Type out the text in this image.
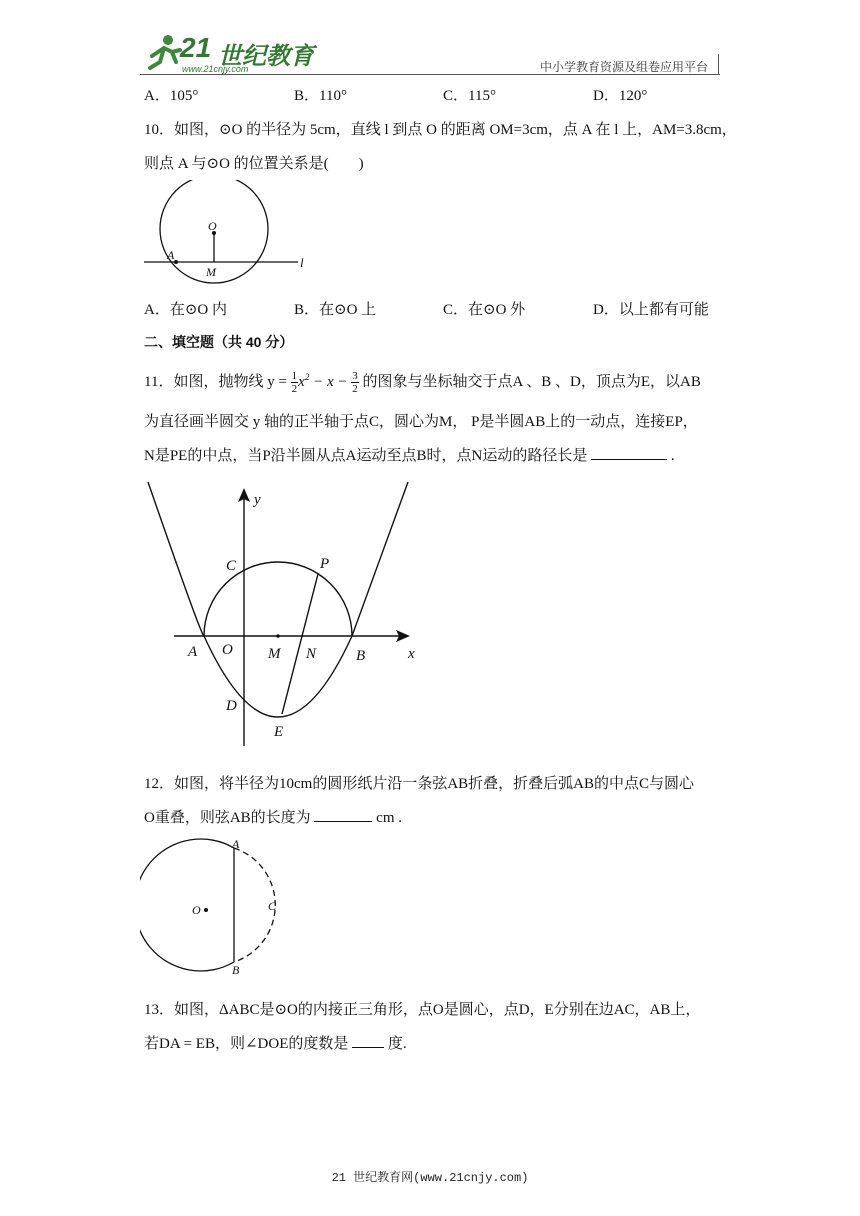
21 世纪教育
www.21cnjy.com	中小学教育资源及组卷应用平台
A．105°	B．110°	C．115°	D．120°
10．如图，⊙O 的半径为 5cm，直线 l 到点 O 的距离 OM=3cm，点 A 在 l 上，AM=3.8cm，
则点 A 与⊙O 的位置关系是(　　)
O
A
M
l
A．在⊙O 内	B．在⊙O 上	C．在⊙O 外	D．以上都有可能
二、填空题（共 40 分）
11．如图，抛物线 $y = \frac{1}{2} x^2 - x - \frac{3}{2}$ 的图象与坐标轴交于点A 、B 、D，顶点为E，以AB
为直径画半圆交 y 轴的正半轴于点C，圆心为M， P是半圆AB上的一动点，连接EP，
N是PE的中点，当P沿半圆从点A运动至点B时，点N运动的路径长是	.
y
x
C	P
A O M N	B
D
E
12．如图，将半径为10cm的圆形纸片沿一条弦AB折叠，折叠后弧AB的中点C与圆心
O重叠，则弦AB的长度为	cm .
A
O	C
B
13．如图，ΔABC是⊙O的内接正三角形，点O是圆心，点D，E分别在边AC，AB上，
若DA = EB，则∠DOE的度数是	度.
21 世纪教育网(www.21cnjy.com)
